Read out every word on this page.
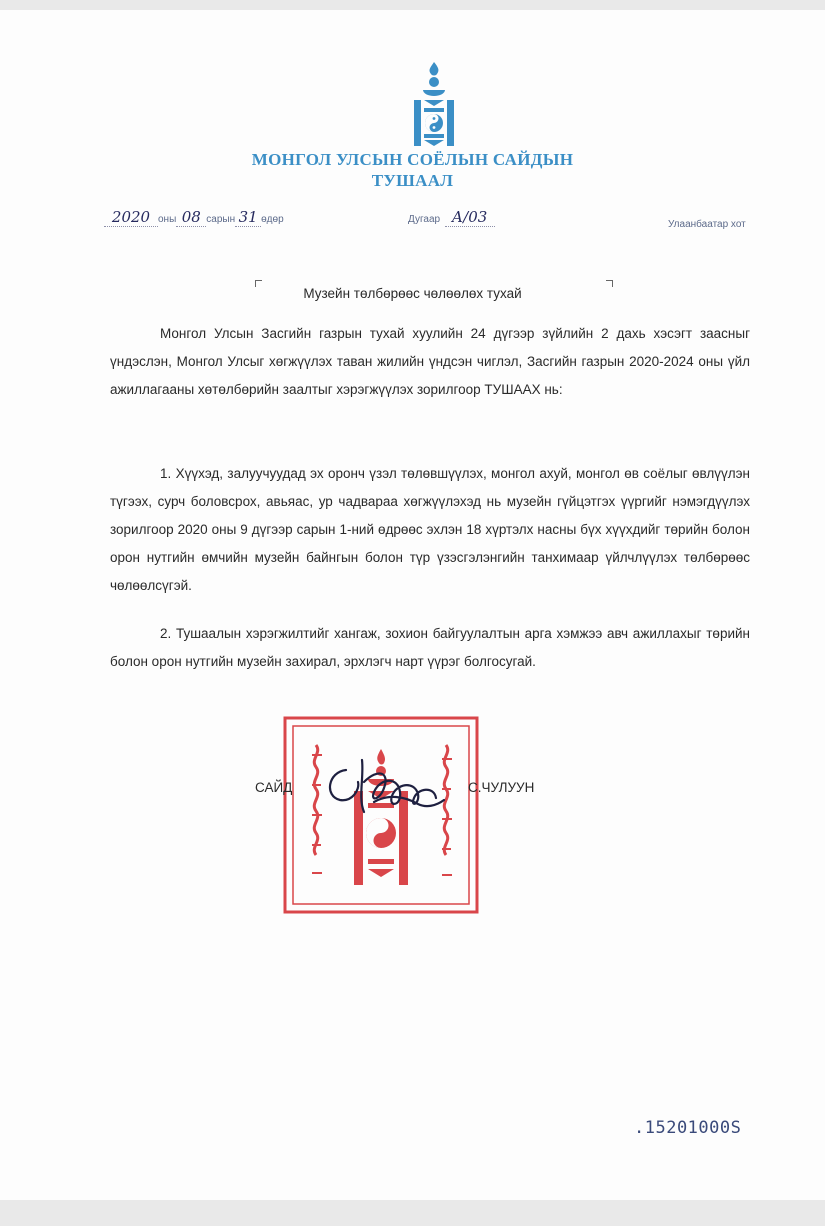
МОНГОЛ УЛСЫН СОЁЛЫН САЙДЫН
ТУШААЛ
2020 оны 08 сарын 31 өдөр	Дугаар А/03	Улаанбаатар хот
Музейн төлбөрөөс чөлөөлөх тухай

Монгол Улсын Засгийн газрын тухай хуулийн 24 дүгээр зүйлийн 2 дахь хэсэгт заасныг үндэслэн, Монгол Улсыг хөгжүүлэх таван жилийн үндсэн чиглэл, Засгийн газрын 2020-2024 оны үйл ажиллагааны хөтөлбөрийн заалтыг хэрэгжүүлэх зорилгоор ТУШААХ нь:

1. Хүүхэд, залуучуудад эх оронч үзэл төлөвшүүлэх, монгол ахуй, монгол өв соёлыг өвлүүлэн түгээх, сурч боловсрох, авьяас, ур чадвараа хөгжүүлэхэд нь музейн гүйцэтгэх үүргийг нэмэгдүүлэх зорилгоор 2020 оны 9 дүгээр сарын 1-ний өдрөөс эхлэн 18 хүртэлх насны бүх хүүхдийг төрийн болон орон нутгийн өмчийн музейн байнгын болон түр үзэсгэлэнгийн танхимаар үйлчлүүлэх төлбөрөөс чөлөөлсүгэй.

2. Тушаалын хэрэгжилтийг хангаж, зохион байгуулалтын арга хэмжээ авч ажиллахыг төрийн болон орон нутгийн музейн захирал, эрхлэгч нарт үүрэг болгосугай.

САЙД	С.ЧУЛУУН
.15201000S
